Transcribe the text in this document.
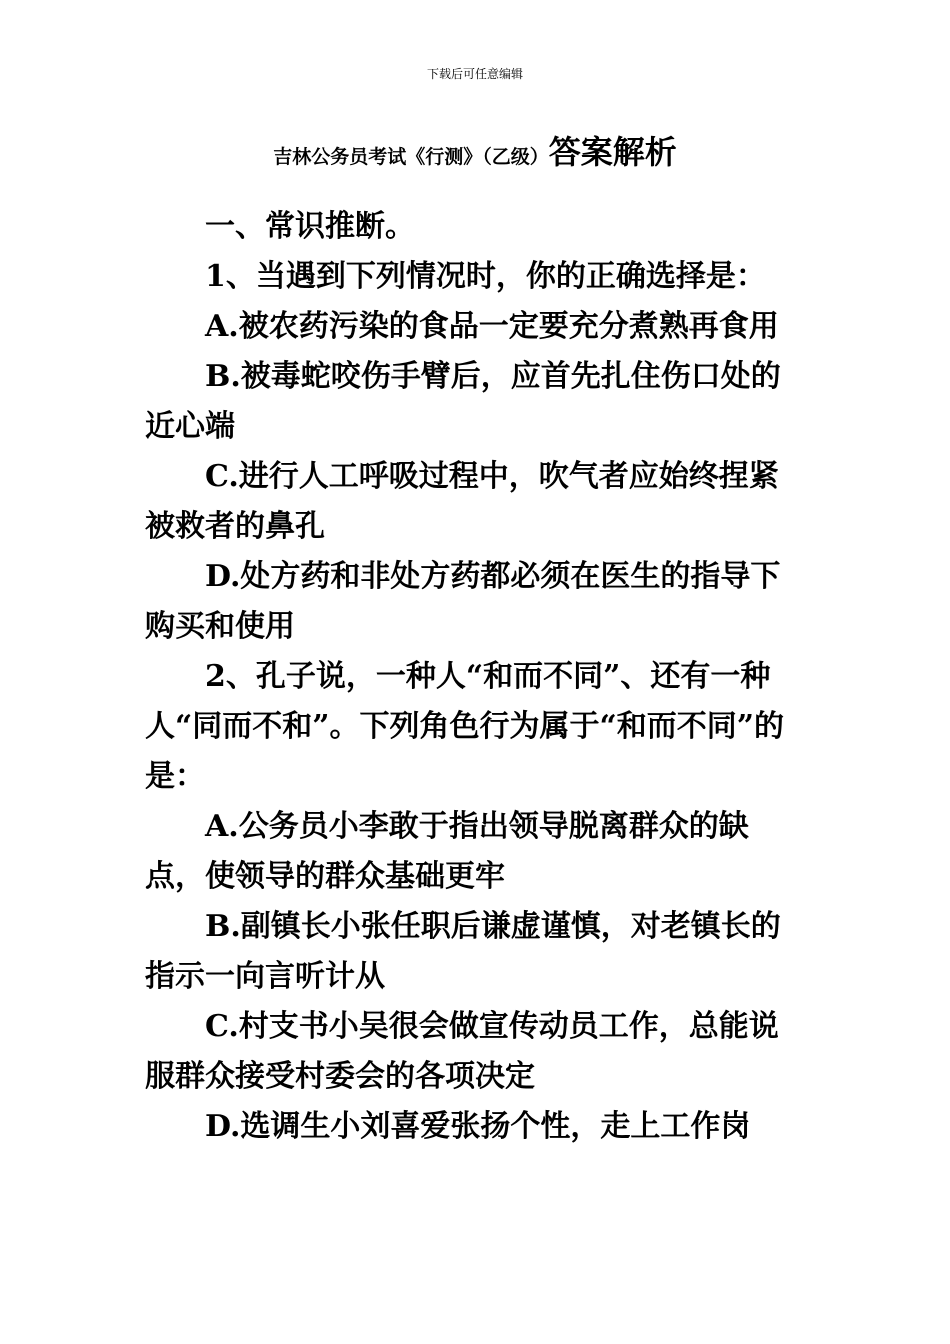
下载后可任意编辑
吉林公务员考试《行测》（乙级）答案解析

一、常识推断。

1、当遇到下列情况时，你的正确选择是：

A.被农药污染的食品一定要充分煮熟再食用

B.被毒蛇咬伤手臂后，应首先扎住伤口处的近心端

C.进行人工呼吸过程中，吹气者应始终捏紧被救者的鼻孔

D.处方药和非处方药都必须在医生的指导下购买和使用

2、孔子说，一种人“和而不同”、还有一种人“同而不和”。下列角色行为属于“和而不同”的是：

A.公务员小李敢于指出领导脱离群众的缺点，使领导的群众基础更牢

B.副镇长小张任职后谦虚谨慎，对老镇长的指示一向言听计从

C.村支书小吴很会做宣传动员工作，总能说服群众接受村委会的各项决定

D.选调生小刘喜爱张扬个性，走上工作岗
